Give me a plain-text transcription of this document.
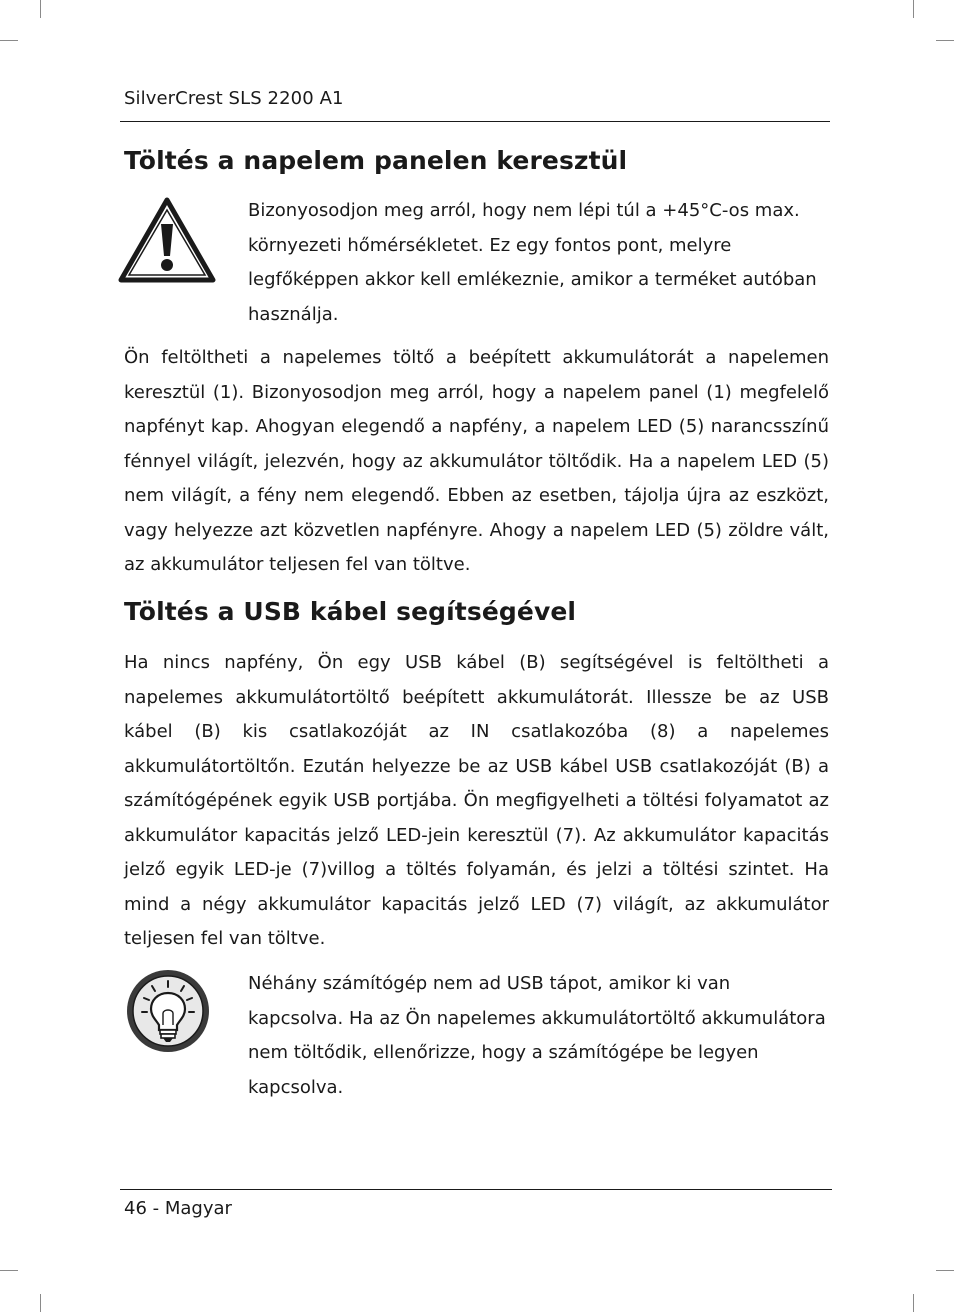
SilverCrest SLS 2200 A1
Töltés a napelem panelen keresztül
Bizonyosodjon meg arról, hogy nem lépi túl a +45°C-os max. környezeti hőmérsékletet. Ez egy fontos pont, melyre legfőképpen akkor kell emlékeznie, amikor a terméket autóban használja.
Ön feltöltheti a napelemes töltő a beépített akkumulátorát a napelemen keresztül (1). Bizonyosodjon meg arról, hogy a napelem panel (1) megfelelő napfényt kap. Ahogyan elegendő a napfény, a napelem LED (5) narancsszínű fénnyel világít, jelezvén, hogy az akkumulátor töltődik. Ha a napelem LED (5) nem világít, a fény nem elegendő. Ebben az esetben, tájolja újra az eszközt, vagy helyezze azt közvetlen napfényre. Ahogy a napelem LED (5) zöldre vált, az akkumulátor teljesen fel van töltve.
Töltés a USB kábel segítségével
Ha nincs napfény, Ön egy USB kábel (B) segítségével is feltöltheti a napelemes akkumulátortöltő beépített akkumulátorát. Illessze be az USB kábel (B) kis csatlakozóját az IN csatlakozóba (8) a napelemes akkumulátortöltőn. Ezután helyezze be az USB kábel USB csatlakozóját (B) a számítógépének egyik USB portjába. Ön megfigyelheti a töltési folyamatot az akkumulátor kapacitás jelző LED-jein keresztül (7). Az akkumulátor kapacitás jelző egyik LED-je (7)villog a töltés folyamán, és jelzi a töltési szintet. Ha mind a négy akkumulátor kapacitás jelző LED (7) világít, az akkumulátor teljesen fel van töltve.
Néhány számítógép nem ad USB tápot, amikor ki van kapcsolva. Ha az Ön napelemes akkumulátortöltő akkumulátora nem töltődik, ellenőrizze, hogy a számítógépe be legyen kapcsolva.
46 - Magyar
